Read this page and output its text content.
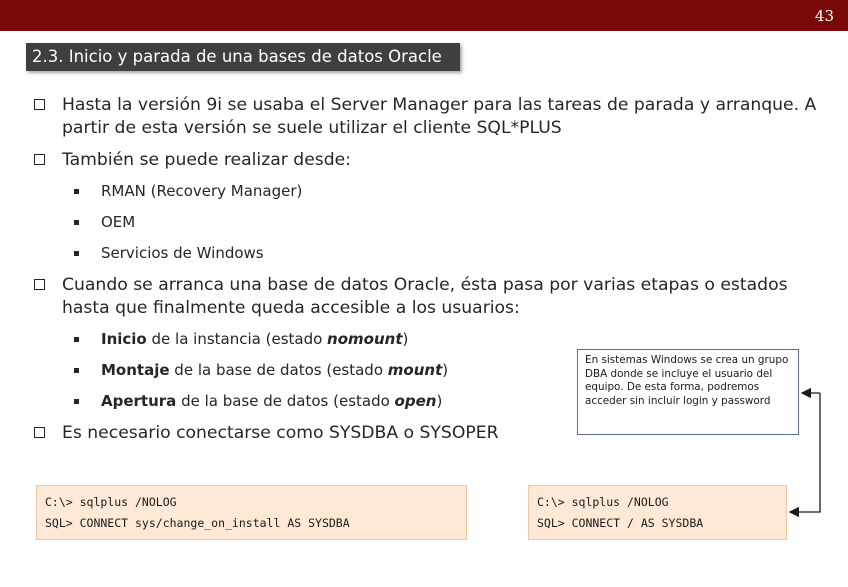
43
2.3. Inicio y parada de una bases de datos Oracle
Hasta la versión 9i se usaba el Server Manager para las tareas de parada y arranque. A partir de esta versión se suele utilizar el cliente SQL*PLUS
También se puede realizar desde:
RMAN (Recovery Manager)
OEM
Servicios de Windows
Cuando se arranca una base de datos Oracle, ésta pasa por varias etapas o estados hasta que finalmente queda accesible a los usuarios:
Inicio de la instancia (estado nomount)
Montaje de la base de datos (estado mount)
Apertura de la base de datos (estado open)
Es necesario conectarse como SYSDBA o SYSOPER
En sistemas Windows se crea un grupo DBA donde se incluye el usuario del equipo. De esta forma, podremos acceder sin incluir login y password
C:\> sqlplus /NOLOG
SQL> CONNECT sys/change_on_install AS SYSDBA
C:\> sqlplus /NOLOG
SQL> CONNECT / AS SYSDBA
